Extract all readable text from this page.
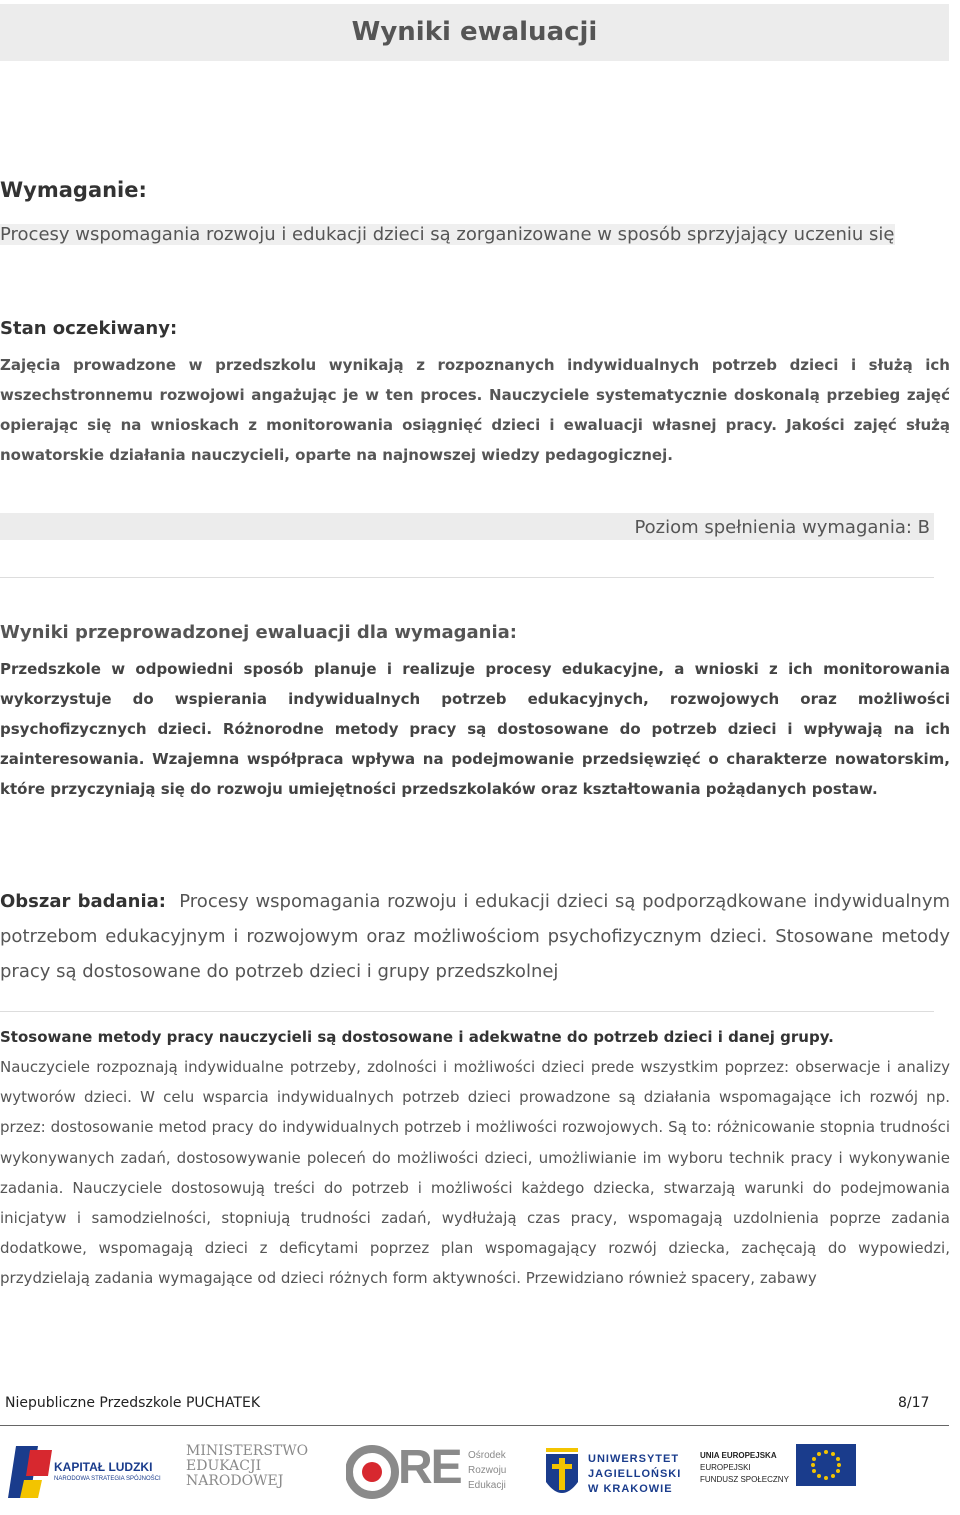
Wyniki ewaluacji
Wymaganie:
Procesy wspomagania rozwoju i edukacji dzieci są zorganizowane w sposób sprzyjający uczeniu się
Stan oczekiwany:
Zajęcia prowadzone w przedszkolu wynikają z rozpoznanych indywidualnych potrzeb dzieci i służą ich wszechstronnemu rozwojowi angażując je w ten proces. Nauczyciele systematycznie doskonalą przebieg zajęć opierając się na wnioskach z monitorowania osiągnięć dzieci i ewaluacji własnej pracy. Jakości zajęć służą nowatorskie działania nauczycieli, oparte na najnowszej wiedzy pedagogicznej.
Poziom spełnienia wymagania: B
Wyniki przeprowadzonej ewaluacji dla wymagania:
Przedszkole w odpowiedni sposób planuje i realizuje procesy edukacyjne, a wnioski z ich monitorowania wykorzystuje do wspierania indywidualnych potrzeb edukacyjnych, rozwojowych oraz możliwości psychofizycznych dzieci. Różnorodne metody pracy są dostosowane do potrzeb dzieci i wpływają na ich zainteresowania. Wzajemna współpraca wpływa na podejmowanie przedsięwzięć o charakterze nowatorskim, które przyczyniają się do rozwoju umiejętności przedszkolaków oraz kształtowania pożądanych postaw.
Obszar badania: Procesy wspomagania rozwoju i edukacji dzieci są podporządkowane indywidualnym potrzebom edukacyjnym i rozwojowym oraz możliwościom psychofizycznym dzieci. Stosowane metody pracy są dostosowane do potrzeb dzieci i grupy przedszkolnej
Stosowane metody pracy nauczycieli są dostosowane i adekwatne do potrzeb dzieci i danej grupy.
Nauczyciele rozpoznają indywidualne potrzeby, zdolności i możliwości dzieci prede wszystkim poprzez: obserwacje i analizy wytworów dzieci. W celu wsparcia indywidualnych potrzeb dzieci prowadzone są działania wspomagające ich rozwój np. przez: dostosowanie metod pracy do indywidualnych potrzeb i możliwości rozwojowych. Są to: różnicowanie stopnia trudności wykonywanych zadań, dostosowywanie poleceń do możliwości dzieci, umożliwianie im wyboru technik pracy i wykonywanie zadania. Nauczyciele dostosowują treści do potrzeb i możliwości każdego dziecka, stwarzają warunki do podejmowania inicjatyw i samodzielności, stopniują trudności zadań, wydłużają czas pracy, wspomagają uzdolnienia poprze zadania dodatkowe, wspomagają dzieci z deficytami poprzez plan wspomagający rozwój dziecka, zachęcają do wypowiedzi, przydzielają zadania wymagające od dzieci różnych form aktywności. Przewidziano również spacery, zabawy
Niepubliczne Przedszkole PUCHATEK	8/17
KAPITAŁ LUDZKI
NARODOWA STRATEGIA SPÓJNOŚCI
MINISTERSTWO
EDUKACJI
NARODOWEJ	RE Ośrodek
Rozwoju
Edukacji
UNIWERSYTET
JAGIELLOŃSKI
W KRAKOWIE
UNIA EUROPEJSKA
EUROPEJSKI
FUNDUSZ SPOŁECZNY
